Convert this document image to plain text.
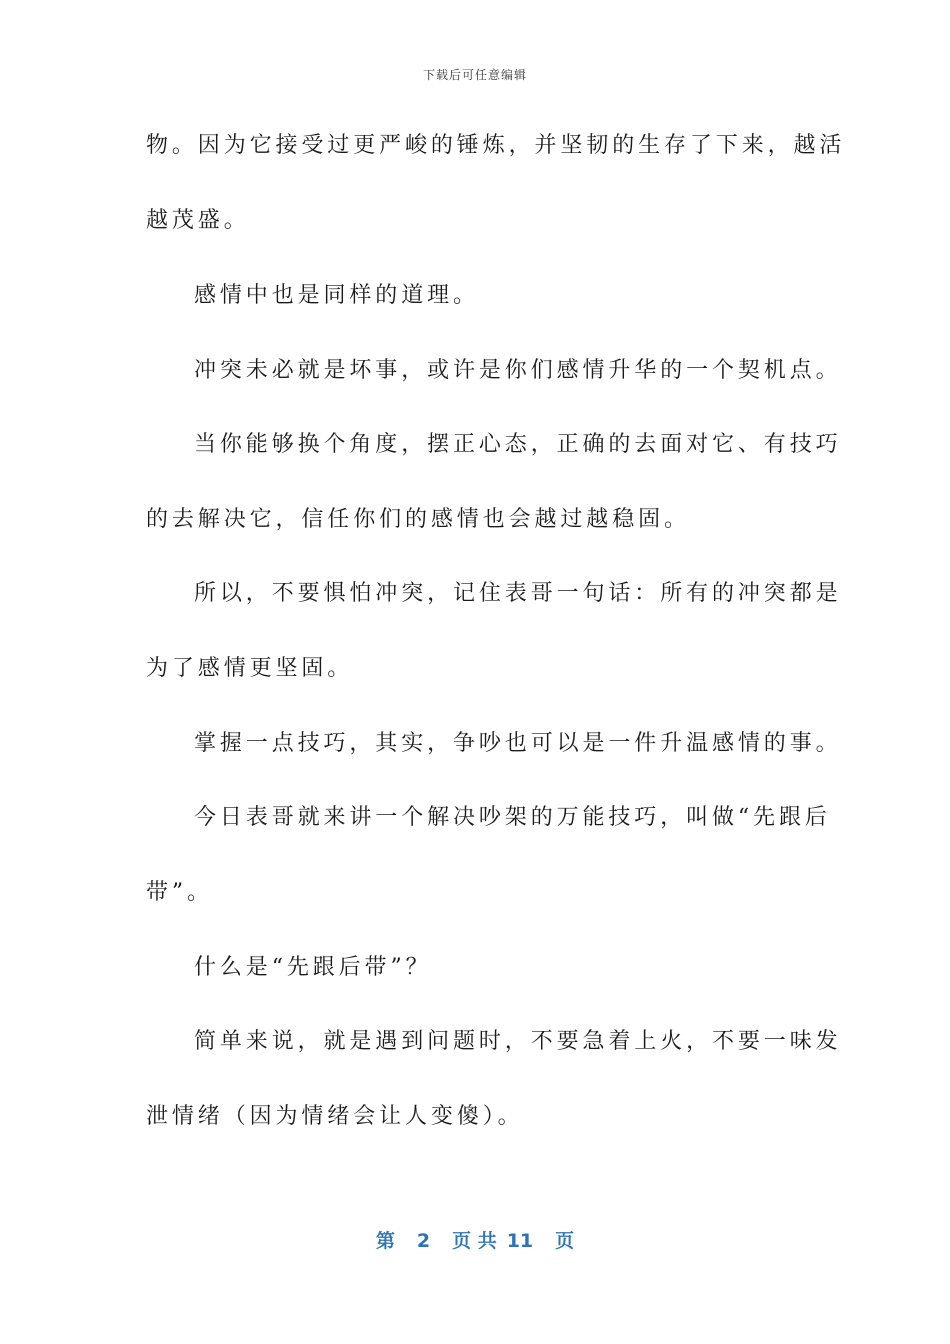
下载后可任意编辑
物。因为它接受过更严峻的锤炼，并坚韧的生存了下来，越活
越茂盛。
感情中也是同样的道理。
冲突未必就是坏事，或许是你们感情升华的一个契机点。
当你能够换个角度，摆正心态，正确的去面对它、有技巧
的去解决它，信任你们的感情也会越过越稳固。
所以，不要惧怕冲突，记住表哥一句话：所有的冲突都是
为了感情更坚固。
掌握一点技巧，其实，争吵也可以是一件升温感情的事。
今日表哥就来讲一个解决吵架的万能技巧，叫做“先跟后
带”。
什么是“先跟后带”？
简单来说，就是遇到问题时，不要急着上火，不要一味发
泄情绪（因为情绪会让人变傻）。
第 2 页 共 11 页
